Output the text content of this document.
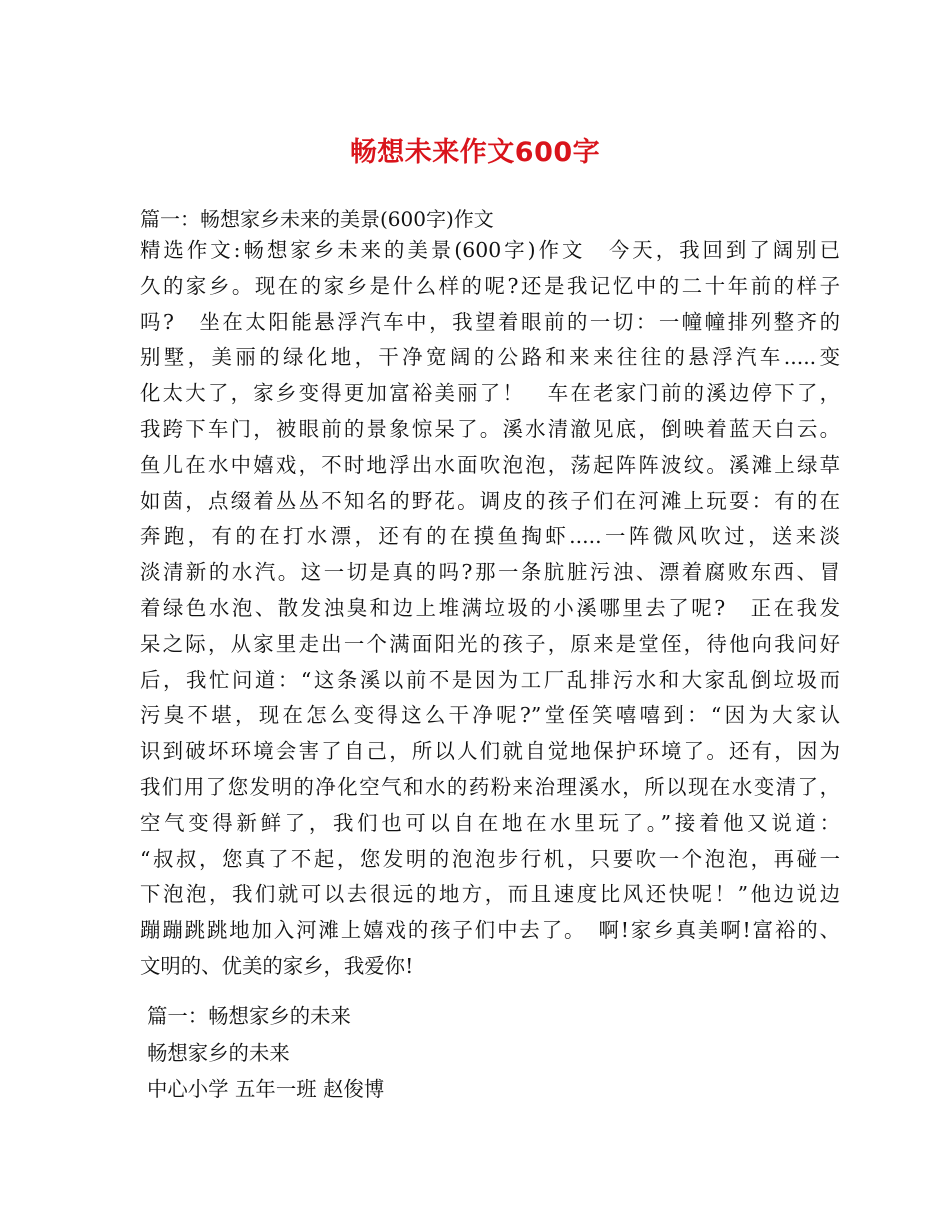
畅想未来作文600字
篇一：畅想家乡未来的美景(600字)作文
精选作文:畅想家乡未来的美景(600字)作文　今天，我回到了阔别已
久的家乡。现在的家乡是什么样的呢?还是我记忆中的二十年前的样子
吗?　坐在太阳能悬浮汽车中，我望着眼前的一切：一幢幢排列整齐的
别墅，美丽的绿化地，干净宽阔的公路和来来往往的悬浮汽车.....变
化太大了，家乡变得更加富裕美丽了！　车在老家门前的溪边停下了，
我跨下车门，被眼前的景象惊呆了。溪水清澈见底，倒映着蓝天白云。
鱼儿在水中嬉戏，不时地浮出水面吹泡泡，荡起阵阵波纹。溪滩上绿草
如茵，点缀着丛丛不知名的野花。调皮的孩子们在河滩上玩耍：有的在
奔跑，有的在打水漂，还有的在摸鱼掏虾.....一阵微风吹过，送来淡
淡清新的水汽。这一切是真的吗?那一条肮脏污浊、漂着腐败东西、冒
着绿色水泡、散发浊臭和边上堆满垃圾的小溪哪里去了呢?　正在我发
呆之际，从家里走出一个满面阳光的孩子，原来是堂侄，待他向我问好
后，我忙问道：“这条溪以前不是因为工厂乱排污水和大家乱倒垃圾而
污臭不堪，现在怎么变得这么干净呢?”堂侄笑嘻嘻到：“因为大家认
识到破坏环境会害了自己，所以人们就自觉地保护环境了。还有，因为
我们用了您发明的净化空气和水的药粉来治理溪水，所以现在水变清了，
空气变得新鲜了，我们也可以自在地在水里玩了。”接着他又说道：
“叔叔，您真了不起，您发明的泡泡步行机，只要吹一个泡泡，再碰一
下泡泡，我们就可以去很远的地方，而且速度比风还快呢！”他边说边
蹦蹦跳跳地加入河滩上嬉戏的孩子们中去了。　啊!家乡真美啊!富裕的、
文明的、优美的家乡，我爱你!
篇一：畅想家乡的未来
畅想家乡的未来
中心小学 五年一班 赵俊博
